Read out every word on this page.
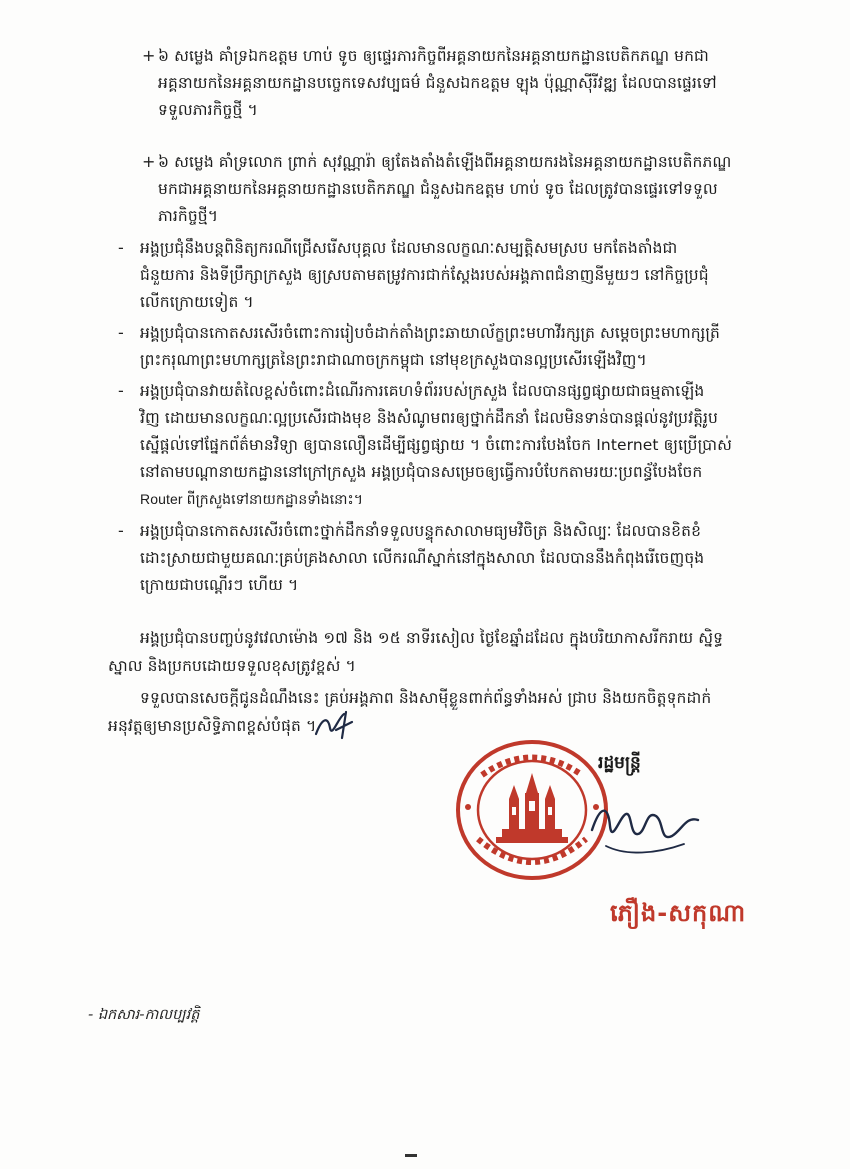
+ ៦ សម្លេង គាំទ្រឯកឧត្តម ហាប់ ទូច ឲ្យផ្ទេរភារកិច្ចពីអគ្គនាយកនៃអគ្គនាយកដ្ឋានបេតិកភណ្ឌ មកជា
អគ្គនាយកនៃអគ្គនាយកដ្ឋានបច្ចេកទេសវប្បធម៌ ជំនួសឯកឧត្តម ឡុង ប៉ុណ្ណាស៊ីរីវឌ្ឍ ដែលបានផ្ទេរទៅ
ទទួលភារកិច្ចថ្មី ។
+ ៦ សម្លេង គាំទ្រលោក ព្រាក់ សុវណ្ណារ៉ា ឲ្យតែងតាំងតំឡើងពីអគ្គនាយករងនៃអគ្គនាយកដ្ឋានបេតិកភណ្ឌ
មកជាអគ្គនាយកនៃអគ្គនាយកដ្ឋានបេតិកភណ្ឌ ជំនួសឯកឧត្តម ហាប់ ទូច ដែលត្រូវបានផ្ទេរទៅទទួល
ភារកិច្ចថ្មី។
- អង្គប្រជុំនឹងបន្តពិនិត្យករណីជ្រើសរើសបុគ្គល ដែលមានលក្ខណៈសម្បត្តិសមស្រប មកតែងតាំងជា
ជំនួយការ និងទីប្រឹក្សាក្រសួង ឲ្យស្របតាមតម្រូវការជាក់ស្តែងរបស់អង្គភាពជំនាញនីមួយៗ នៅកិច្ចប្រជុំ
លើកក្រោយទៀត ។
- អង្គប្រជុំបានកោតសរសើរចំពោះការរៀបចំដាក់តាំងព្រះឆាយាល័ក្ខព្រះមហាវីរក្សត្រ សម្តេចព្រះមហាក្សត្រី
ព្រះករុណាព្រះមហាក្សត្រនៃព្រះរាជាណាចក្រកម្ពុជា នៅមុខក្រសួងបានល្អប្រសើរឡើងវិញ។
- អង្គប្រជុំបានវាយតំលៃខ្ពស់ចំពោះដំណើរការគេហទំព័ររបស់ក្រសួង ដែលបានផ្សព្វផ្សាយជាធម្មតាឡើង
វិញ ដោយមានលក្ខណៈល្អប្រសើរជាងមុខ និងសំណូមពរឲ្យថ្នាក់ដឹកនាំ ដែលមិនទាន់បានផ្តល់នូវប្រវត្តិរូប
ស្នើផ្តល់ទៅផ្នែកព័ត៌មានវិទ្យា ឲ្យបានលឿនដើម្បីផ្សព្វផ្សាយ ។ ចំពោះការបែងចែក Internet ឲ្យប្រើប្រាស់
នៅតាមបណ្តានាយកដ្ឋាននៅក្រៅក្រសួង អង្គប្រជុំបានសម្រេចឲ្យធ្វើការបំបែកតាមរយៈប្រពន្ធ័បែងចែក
Router ពីក្រសួងទៅនាយកដ្ឋានទាំងនោះ។
- អង្គប្រជុំបានកោតសរសើរចំពោះថ្នាក់ដឹកនាំទទួលបន្ទុកសាលាមធ្យមវិចិត្រ និងសិល្បៈ ដែលបានខិតខំ
ដោះស្រាយជាមួយគណៈគ្រប់គ្រងសាលា លើករណីស្នាក់នៅក្នុងសាលា ដែលបាននឹងកំពុងរើចេញចុង
ក្រោយជាបណ្តើរៗ ហើយ ។
អង្គប្រជុំបានបញ្ចប់នូវវេលាម៉ោង ១៧ និង ១៥ នាទីរសៀល ថ្ងៃខែឆ្នាំដដែល ក្នុងបរិយាកាសរីករាយ ស្និទ្ធ
ស្នាល និងប្រកបដោយទទួលខុសត្រូវខ្ពស់ ។
ទទួលបានសេចក្តីជូនដំណឹងនេះ គ្រប់អង្គភាព និងសាម៉ីខ្លួនពាក់ព័ន្ធទាំងអស់ ជ្រាប និងយកចិត្តទុកដាក់
អនុវត្តឲ្យមានប្រសិទ្ធិភាពខ្ពស់បំផុត ។
រដ្ឋមន្ត្រី
ភឿង-សកុណា
- ឯកសារ-កាលប្បវត្តិ
